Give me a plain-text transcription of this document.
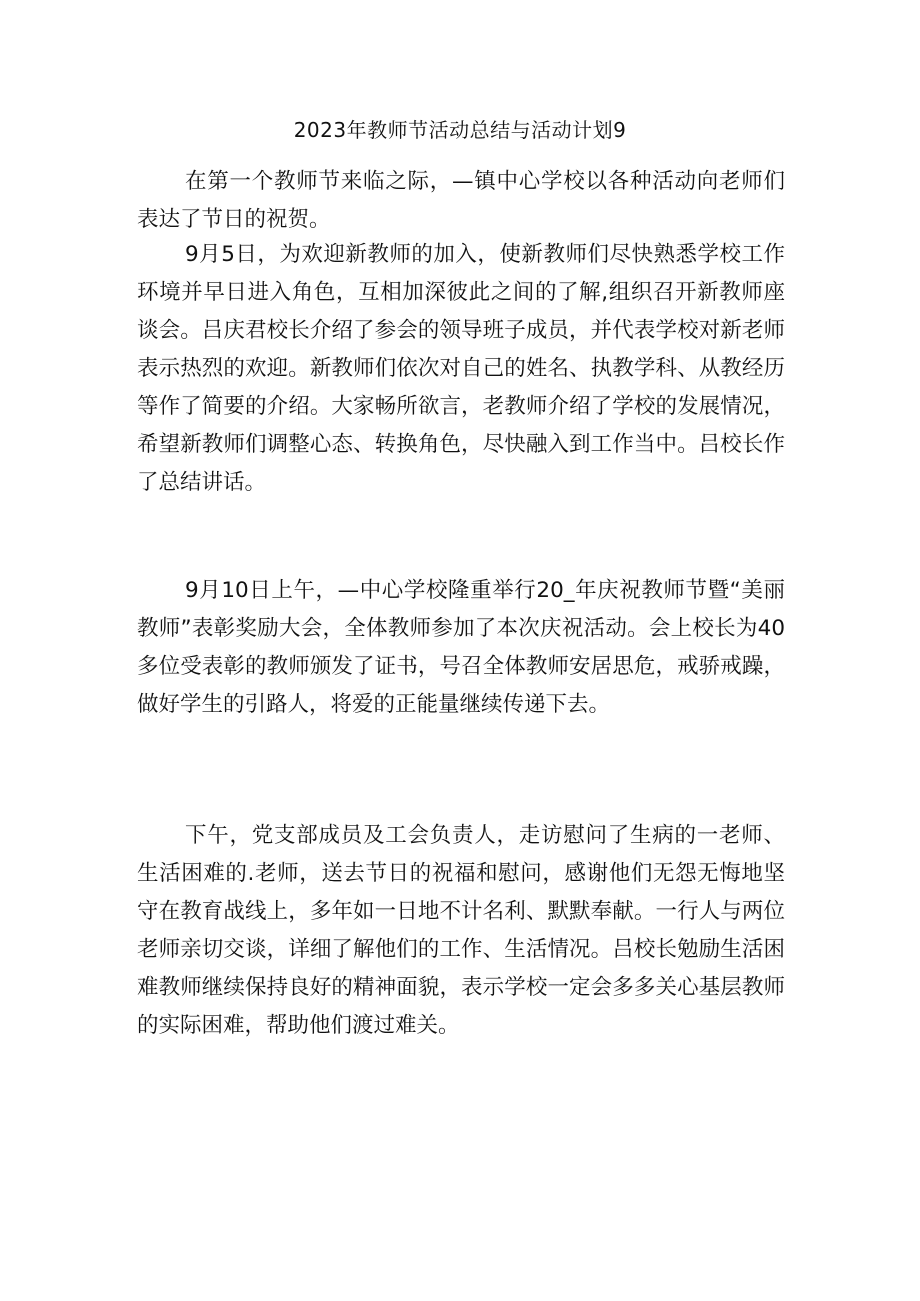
2023年教师节活动总结与活动计划9

在第一个教师节来临之际，—镇中心学校以各种活动向老师们表达了节日的祝贺。

9月5日，为欢迎新教师的加入，使新教师们尽快熟悉学校工作环境并早日进入角色，互相加深彼此之间的了解,组织召开新教师座谈会。吕庆君校长介绍了参会的领导班子成员，并代表学校对新老师表示热烈的欢迎。新教师们依次对自己的姓名、执教学科、从教经历等作了简要的介绍。大家畅所欲言，老教师介绍了学校的发展情况，希望新教师们调整心态、转换角色，尽快融入到工作当中。吕校长作了总结讲话。

9月10日上午，—中心学校隆重举行20_年庆祝教师节暨“美丽教师”表彰奖励大会，全体教师参加了本次庆祝活动。会上校长为40多位受表彰的教师颁发了证书，号召全体教师安居思危，戒骄戒躁，做好学生的引路人，将爱的正能量继续传递下去。

下午，党支部成员及工会负责人，走访慰问了生病的一老师、生活困难的.老师，送去节日的祝福和慰问，感谢他们无怨无悔地坚守在教育战线上，多年如一日地不计名利、默默奉献。一行人与两位老师亲切交谈，详细了解他们的工作、生活情况。吕校长勉励生活困难教师继续保持良好的精神面貌，表示学校一定会多多关心基层教师的实际困难，帮助他们渡过难关。
